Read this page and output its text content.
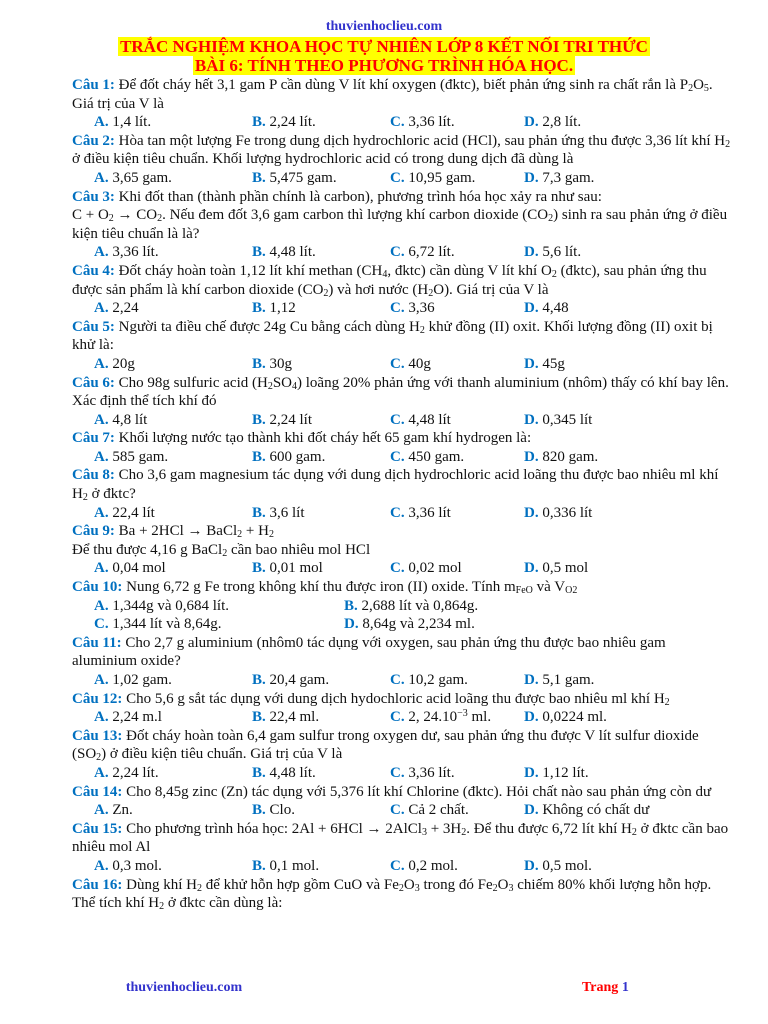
thuvienhoclieu.com
TRẮC NGHIỆM KHOA HỌC TỰ NHIÊN LỚP 8 KẾT NỐI TRI THỨC
BÀI 6: TÍNH THEO PHƯƠNG TRÌNH HÓA HỌC.
Câu 1: Để đốt cháy hết 3,1 gam P cần dùng V lít khí oxygen (đktc), biết phản ứng sinh ra chất rắn là $P_2O_5$. Giá trị của V là
A. 1,4 lít.	B. 2,24 lít.	C. 3,36 lít.	D. 2,8 lít.
Câu 2: Hòa tan một lượng Fe trong dung dịch hydrochloric acid (HCl), sau phản ứng thu được 3,36 lít khí $H_2$ ở điều kiện tiêu chuẩn. Khối lượng hydrochloric acid có trong dung dịch đã dùng là
A. 3,65 gam.	B. 5,475 gam.	C. 10,95 gam.	D. 7,3 gam.
Câu 3: Khi đốt than (thành phần chính là carbon), phương trình hóa học xảy ra như sau:
$C + O_2 \to CO_2$. Nếu đem đốt 3,6 gam carbon thì lượng khí carbon dioxide $(CO_2)$ sinh ra sau phản ứng ở điều kiện tiêu chuẩn là là?
A. 3,36 lít.	B. 4,48 lít.	C. 6,72 lít.	D. 5,6 lít.
Câu 4: Đốt cháy hoàn toàn 1,12 lít khí methan ($CH_4$, đktc) cần dùng V lít khí $O_2$ (đktc), sau phản ứng thu được sản phẩm là khí carbon dioxide $(CO_2)$ và hơi nước $(H_2O)$. Giá trị của V là
A. 2,24	B. 1,12	C. 3,36	D. 4,48
Câu 5: Người ta điều chế được 24g Cu bằng cách dùng $H_2$ khử đồng (II) oxit. Khối lượng đồng (II) oxit bị khử là:
A. 20g	B. 30g	C. 40g	D. 45g
Câu 6: Cho 98g sulfuric acid $(H_2SO_4)$ loãng 20% phản ứng với thanh aluminium (nhôm) thấy có khí bay lên. Xác định thể tích khí đó
A. 4,8 lít	B. 2,24 lít	C. 4,48 lít	D. 0,345 lít
Câu 7: Khối lượng nước tạo thành khi đốt cháy hết 65 gam khí hydrogen là:
A. 585 gam.	B. 600 gam.	C. 450 gam.	D. 820 gam.
Câu 8: Cho 3,6 gam magnesium tác dụng với dung dịch hydrochloric acid loãng thu được bao nhiêu ml khí $H_2$ ở đktc?
A. 22,4 lít	B. 3,6 lít	C. 3,36 lít	D. 0,336 lít
Câu 9: Ba + 2HCl → BaCl$_2$ + $H_2$
Để thu được 4,16 g BaCl$_2$ cần bao nhiêu mol HCl
A. 0,04 mol	B. 0,01 mol	C. 0,02 mol	D. 0,5 mol
Câu 10: Nung 6,72 g Fe trong không khí thu được iron (II) oxide. Tính $m_{FeO}$ và $V_{O2}$
A. 1,344g và 0,684 lít.	B. 2,688 lít và 0,864g.
C. 1,344 lít và 8,64g.	D. 8,64g và 2,234 ml.
Câu 11: Cho 2,7 g aluminium (nhôm0 tác dụng với oxygen, sau phản ứng thu được bao nhiêu gam aluminium oxide?
A. 1,02 gam.	B. 20,4 gam.	C. 10,2 gam.	D. 5,1 gam.
Câu 12: Cho 5,6 g sắt tác dụng với dung dịch hydochloric acid loãng thu được bao nhiêu ml khí $H_2$
A. 2,24 m.l	B. 22,4 ml.	C. 2, $24.10^{-3}$ ml. D. 0,0224 ml.
Câu 13: Đốt cháy hoàn toàn 6,4 gam sulfur trong oxygen dư, sau phản ứng thu được V lít sulfur dioxide $(SO_2)$ ở điều kiện tiêu chuẩn. Giá trị của V là
A. 2,24 lít.	B. 4,48 lít.	C. 3,36 lít.	D. 1,12 lít.
Câu 14: Cho 8,45g zinc (Zn) tác dụng với 5,376 lít khí Chlorine (đktc). Hỏi chất nào sau phản ứng còn dư
A. Zn.	B. Clo.	C. Cả 2 chất.	D. Không có chất dư
Câu 15: Cho phương trình hóa học: 2Al + 6HCl → 2AlCl$_3$ + $3H_2$. Để thu được 6,72 lít khí $H_2$ ở đktc cần bao nhiêu mol Al
A. 0,3 mol.	B. 0,1 mol.	C. 0,2 mol.	D. 0,5 mol.
Câu 16: Dùng khí $H_2$ để khử hỗn hợp gồm CuO và $Fe_2O_3$ trong đó $Fe_2O_3$ chiếm 80% khối lượng hỗn hợp. Thể tích khí $H_2$ ở đktc cần dùng là:
thuvienhoclieu.com	Trang 1
